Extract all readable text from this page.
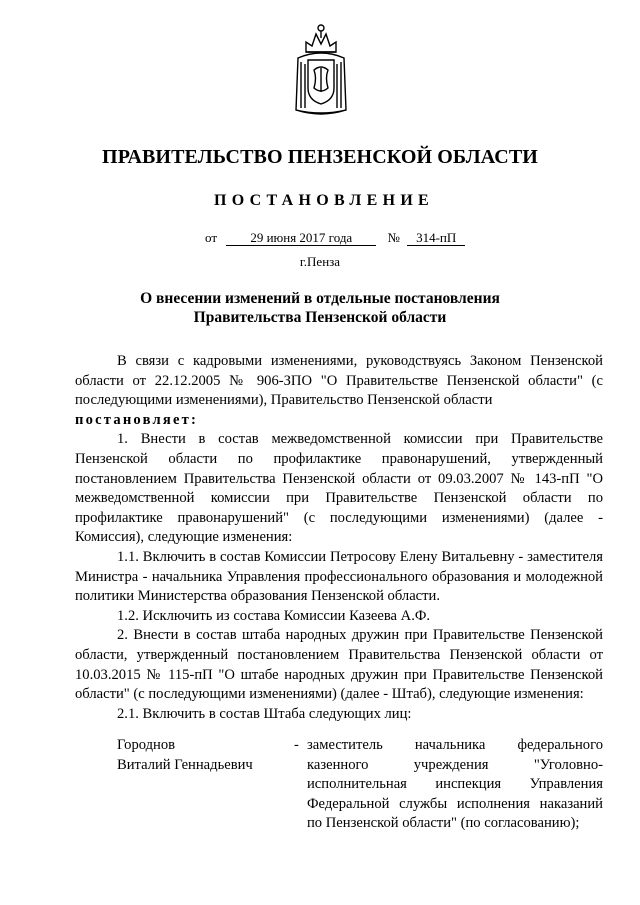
ПРАВИТЕЛЬСТВО ПЕНЗЕНСКОЙ ОБЛАСТИ
ПОСТАНОВЛЕНИЕ
от	29 июня 2017 года	№ 314-пП
г.Пенза
О внесении изменений в отдельные постановления
Правительства Пензенской области

В связи с кадровыми изменениями, руководствуясь Законом Пензенской области от 22.12.2005 № 906-ЗПО "О Правительстве Пензенской области" (с последующими изменениями), Правительство Пензенской области

постановляет:

1. Внести в состав межведомственной комиссии при Правительстве Пензенской области по профилактике правонарушений, утвержденный постановлением Правительства Пензенской области от 09.03.2007 № 143-пП "О межведомственной комиссии при Правительстве Пензенской области по профилактике правонарушений" (с последующими изменениями) (далее - Комиссия), следующие изменения:

1.1. Включить в состав Комиссии Петросову Елену Витальевну - заместителя Министра - начальника Управления профессионального образования и молодежной политики Министерства образования Пензенской области.

1.2. Исключить из состава Комиссии Казеева А.Ф.

2. Внести в состав штаба народных дружин при Правительстве Пензенской области, утвержденный постановлением Правительства Пензенской области от 10.03.2015 № 115-пП "О штабе народных дружин при Правительстве Пензенской области" (с последующими изменениями) (далее - Штаб), следующие изменения:

2.1. Включить в состав Штаба следующих лиц:

Городнов
Виталий Геннадьевич
- заместитель начальника федерального казенного учреждения "Уголовно-исполнительная инспекция Управления Федеральной службы исполнения наказаний по Пензенской области" (по согласованию);
